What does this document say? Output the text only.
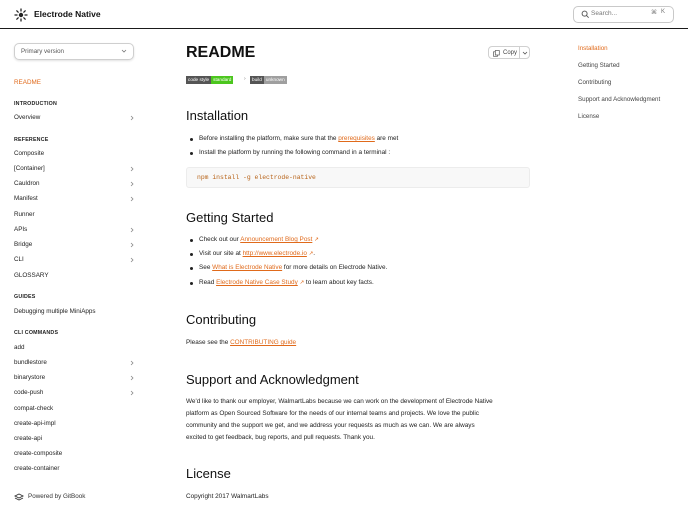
Electrode Native	Search...	⌘ K
Primary version
README
INTRODUCTION
Overview
REFERENCE
Composite
[Container]
Cauldron
Manifest
Runner
APIs
Bridge
CLI
GLOSSARY
GUIDES
Debugging multiple MiniApps
CLI COMMANDS
add
bundlestore
binarystore
code-push
compat-check
create-api-impl
create-api
create-composite
create-container
Powered by GitBook
README	Copy
code style standard	›	build unknown
Installation
Before installing the platform, make sure that the prerequisites are met
Install the platform by running the following command in a terminal :
npm install -g electrode-native
Getting Started
Check out our Announcement Blog Post ↗
Visit our site at http://www.electrode.io ↗.
See What is Electrode Native for more details on Electrode Native.
Read Electrode Native Case Study ↗ to learn about key facts.
Contributing
Please see the CONTRIBUTING guide
Support and Acknowledgment
We'd like to thank our employer, WalmartLabs because we can work on the development of Electrode Native
platform as Open Sourced Software for the needs of our internal teams and projects. We love the public
community and the support we get, and we address your requests as much as we can. We are always
excited to get feedback, bug reports, and pull requests. Thank you.
License
Copyright 2017 WalmartLabs
Installation
Getting Started
Contributing
Support and Acknowledgment
License
